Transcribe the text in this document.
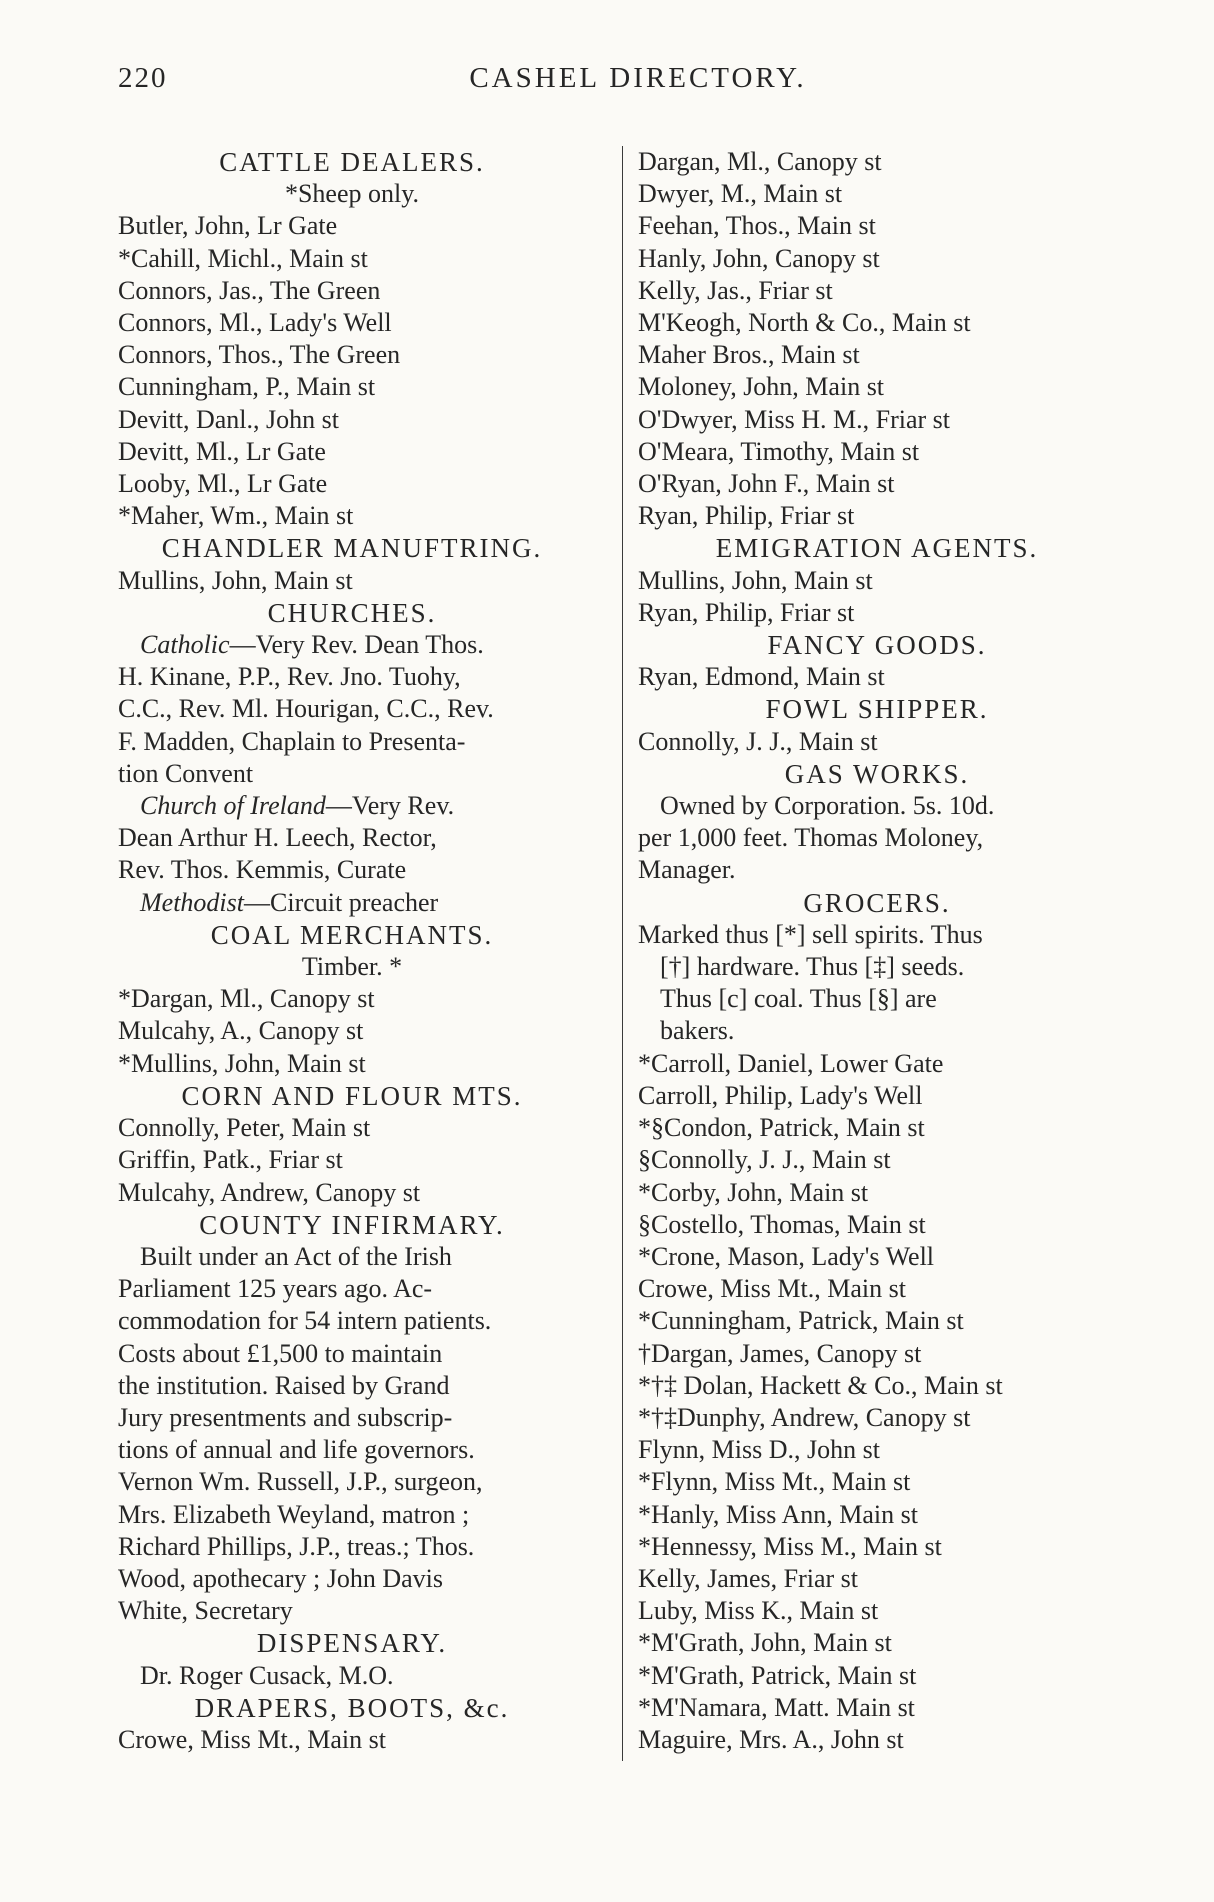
220	CASHEL DIRECTORY.
CATTLE DEALERS.
*Sheep only.
Butler, John, Lr Gate
*Cahill, Michl., Main st
Connors, Jas., The Green
Connors, Ml., Lady's Well
Connors, Thos., The Green
Cunningham, P., Main st
Devitt, Danl., John st
Devitt, Ml., Lr Gate
Looby, Ml., Lr Gate
*Maher, Wm., Main st
CHANDLER MANUFTRING.
Mullins, John, Main st
CHURCHES.
Catholic—Very Rev. Dean Thos.
H. Kinane, P.P., Rev. Jno. Tuohy,
C.C., Rev. Ml. Hourigan, C.C., Rev.
F. Madden, Chaplain to Presenta-
tion Convent
Church of Ireland—Very Rev.
Dean Arthur H. Leech, Rector,
Rev. Thos. Kemmis, Curate
Methodist—Circuit preacher
COAL MERCHANTS.
Timber. *
*Dargan, Ml., Canopy st
Mulcahy, A., Canopy st
*Mullins, John, Main st
CORN AND FLOUR MTS.
Connolly, Peter, Main st
Griffin, Patk., Friar st
Mulcahy, Andrew, Canopy st
COUNTY INFIRMARY.
Built under an Act of the Irish
Parliament 125 years ago. Ac-
commodation for 54 intern patients.
Costs about £1,500 to maintain
the institution. Raised by Grand
Jury presentments and subscrip-
tions of annual and life governors.
Vernon Wm. Russell, J.P., surgeon,
Mrs. Elizabeth Weyland, matron ;
Richard Phillips, J.P., treas.; Thos.
Wood, apothecary ; John Davis
White, Secretary
DISPENSARY.
Dr. Roger Cusack, M.O.
DRAPERS, BOOTS, &c.
Crowe, Miss Mt., Main st
Dargan, Ml., Canopy st
Dwyer, M., Main st
Feehan, Thos., Main st
Hanly, John, Canopy st
Kelly, Jas., Friar st
M'Keogh, North & Co., Main st
Maher Bros., Main st
Moloney, John, Main st
O'Dwyer, Miss H. M., Friar st
O'Meara, Timothy, Main st
O'Ryan, John F., Main st
Ryan, Philip, Friar st
EMIGRATION AGENTS.
Mullins, John, Main st
Ryan, Philip, Friar st
FANCY GOODS.
Ryan, Edmond, Main st
FOWL SHIPPER.
Connolly, J. J., Main st
GAS WORKS.
Owned by Corporation. 5s. 10d.
per 1,000 feet. Thomas Moloney,
Manager.
GROCERS.
Marked thus [*] sell spirits. Thus
[†] hardware. Thus [‡] seeds.
Thus [c] coal. Thus [§] are
bakers.
*Carroll, Daniel, Lower Gate
Carroll, Philip, Lady's Well
*§Condon, Patrick, Main st
§Connolly, J. J., Main st
*Corby, John, Main st
§Costello, Thomas, Main st
*Crone, Mason, Lady's Well
Crowe, Miss Mt., Main st
*Cunningham, Patrick, Main st
†Dargan, James, Canopy st
*†‡ Dolan, Hackett & Co., Main st
*†‡Dunphy, Andrew, Canopy st
Flynn, Miss D., John st
*Flynn, Miss Mt., Main st
*Hanly, Miss Ann, Main st
*Hennessy, Miss M., Main st
Kelly, James, Friar st
Luby, Miss K., Main st
*M'Grath, John, Main st
*M'Grath, Patrick, Main st
*M'Namara, Matt. Main st
Maguire, Mrs. A., John st
